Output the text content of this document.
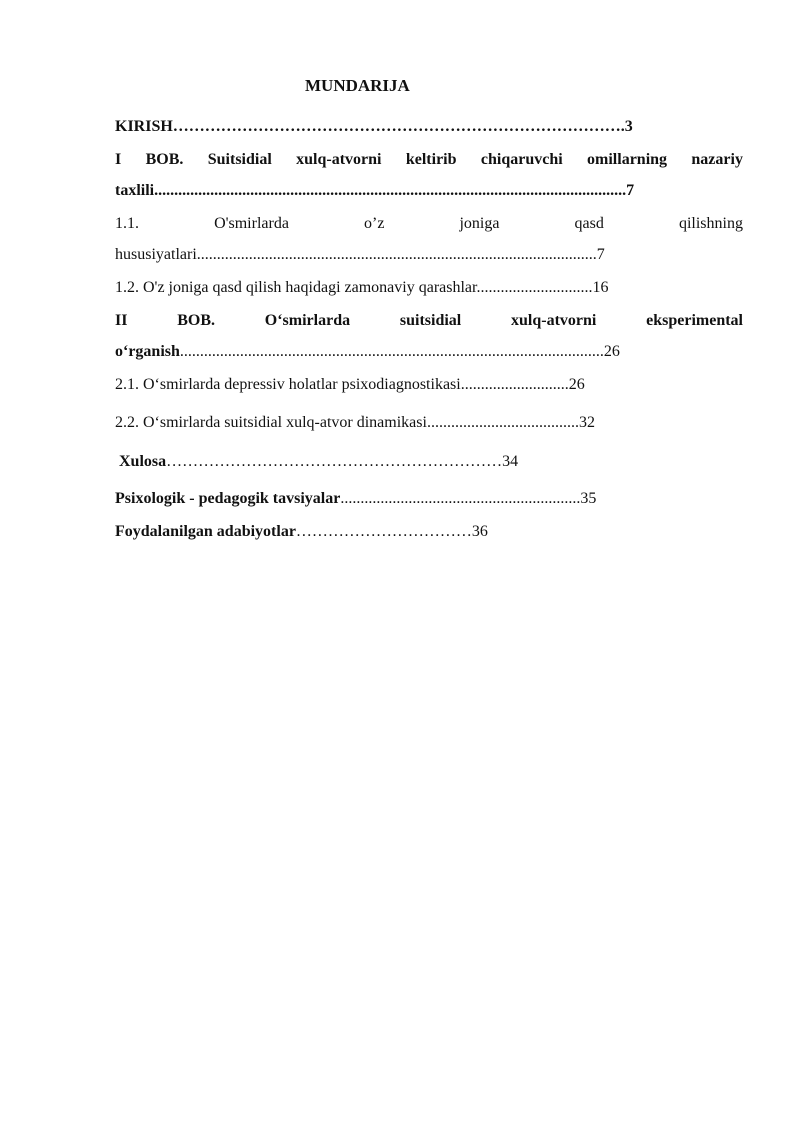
MUNDARIJA
KIRISH………………………………………………………………………….3
I BOB. Suitsidial xulq-atvorni keltirib chiqaruvchi omillarning nazariy
taxlili......................................................................................................................7
1.1.	O'smirlarda	o’z	joniga	qasd	qilishning
hususiyatlari....................................................................................................7
1.2. O'z joniga qasd qilish haqidagi zamonaviy qarashlar.............................16
II	BOB.	O‘smirlarda	suitsidial	xulq-atvorni	eksperimental
o‘rganish..........................................................................................................26
2.1. O‘smirlarda depressiv holatlar psixodiagnostikasi...........................26
2.2. O‘smirlarda suitsidial xulq-atvor dinamikasi......................................32
Xulosa………………………………………………………34
Psixologik - pedagogik tavsiyalar............................................................35
Foydalanilgan adabiyotlar……………………………36
